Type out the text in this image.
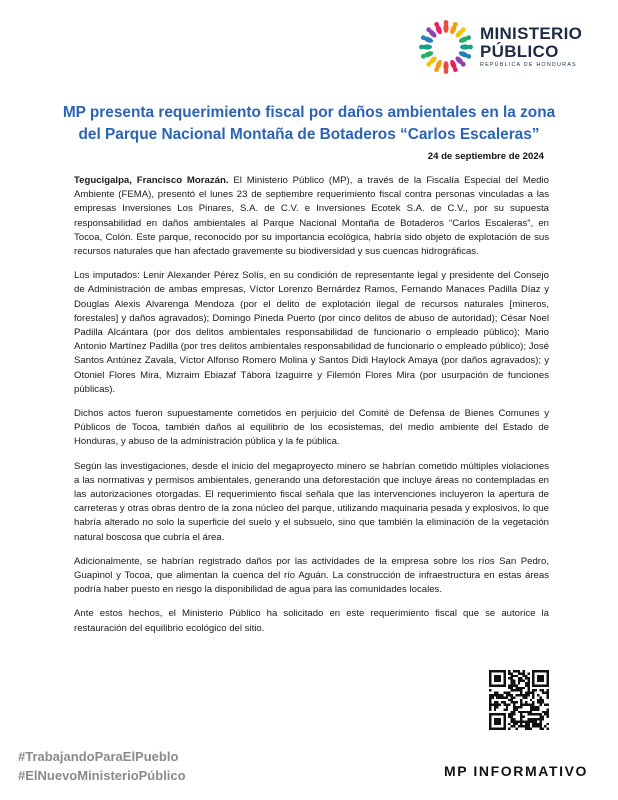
MINISTERIO
PÚBLICO
REPÚBLICA DE HONDURAS
MP presenta requerimiento fiscal por daños ambientales en la zona
del Parque Nacional Montaña de Botaderos “Carlos Escaleras”
24 de septiembre de 2024

Tegucigalpa, Francisco Morazán. El Ministerio Público (MP), a través de la Fiscalía Especial del Medio Ambiente (FEMA), presentó el lunes 23 de septiembre requerimiento fiscal contra personas vinculadas a las empresas Inversiones Los Pinares, S.A. de C.V. e Inversiones Ecotek S.A. de C.V., por su supuesta responsabilidad en daños ambientales al Parque Nacional Montaña de Botaderos “Carlos Escaleras”, en Tocoa, Colón. Este parque, reconocido por su importancia ecológica, habría sido objeto de explotación de sus recursos naturales que han afectado gravemente su biodiversidad y sus cuencas hidrográficas.

Los imputados: Lenir Alexander Pérez Solís, en su condición de representante legal y presidente del Consejo de Administración de ambas empresas, Víctor Lorenzo Bernárdez Ramos, Fernando Manaces Padilla Díaz y Douglas Alexis Alvarenga Mendoza (por el delito de explotación ilegal de recursos naturales [mineros, forestales] y daños agravados); Domingo Pineda Puerto (por cinco delitos de abuso de autoridad); César Noel Padilla Alcántara (por dos delitos ambientales responsabilidad de funcionario o empleado público); Mario Antonio Martínez Padilla (por tres delitos ambientales responsabilidad de funcionario o empleado público); José Santos Antúnez Zavala, Víctor Alfonso Romero Molina y Santos Didi Haylock Amaya (por daños agravados); y Otoniel Flores Mira, Mizraim Ebiazaf Tábora Izaguirre y Filemón Flores Mira (por usurpación de funciones públicas).

Dichos actos fueron supuestamente cometidos en perjuicio del Comité de Defensa de Bienes Comunes y Públicos de Tocoa, también daños al equilibrio de los ecosistemas, del medio ambiente del Estado de Honduras, y abuso de la administración pública y la fe pública.

Según las investigaciones, desde el inicio del megaproyecto minero se habrían cometido múltiples violaciones a las normativas y permisos ambientales, generando una deforestación que incluye áreas no contempladas en las autorizaciones otorgadas. El requerimiento fiscal señala que las intervenciones incluyeron la apertura de carreteras y otras obras dentro de la zona núcleo del parque, utilizando maquinaria pesada y explosivos, lo que habría alterado no solo la superficie del suelo y el subsuelo, sino que también la eliminación de la vegetación natural boscosa que cubría el área.

Adicionalmente, se habrían registrado daños por las actividades de la empresa sobre los ríos San Pedro, Guapinol y Tocoa, que alimentan la cuenca del río Aguán. La construcción de infraestructura en estas áreas podría haber puesto en riesgo la disponibilidad de agua para las comunidades locales.

Ante estos hechos, el Ministerio Público ha solicitado en este requerimiento fiscal que se autorice la restauración del equilibrio ecológico del sitio.

#TrabajandoParaElPueblo
#ElNuevoMinisterioPúblico	MP INFORMATIVO
